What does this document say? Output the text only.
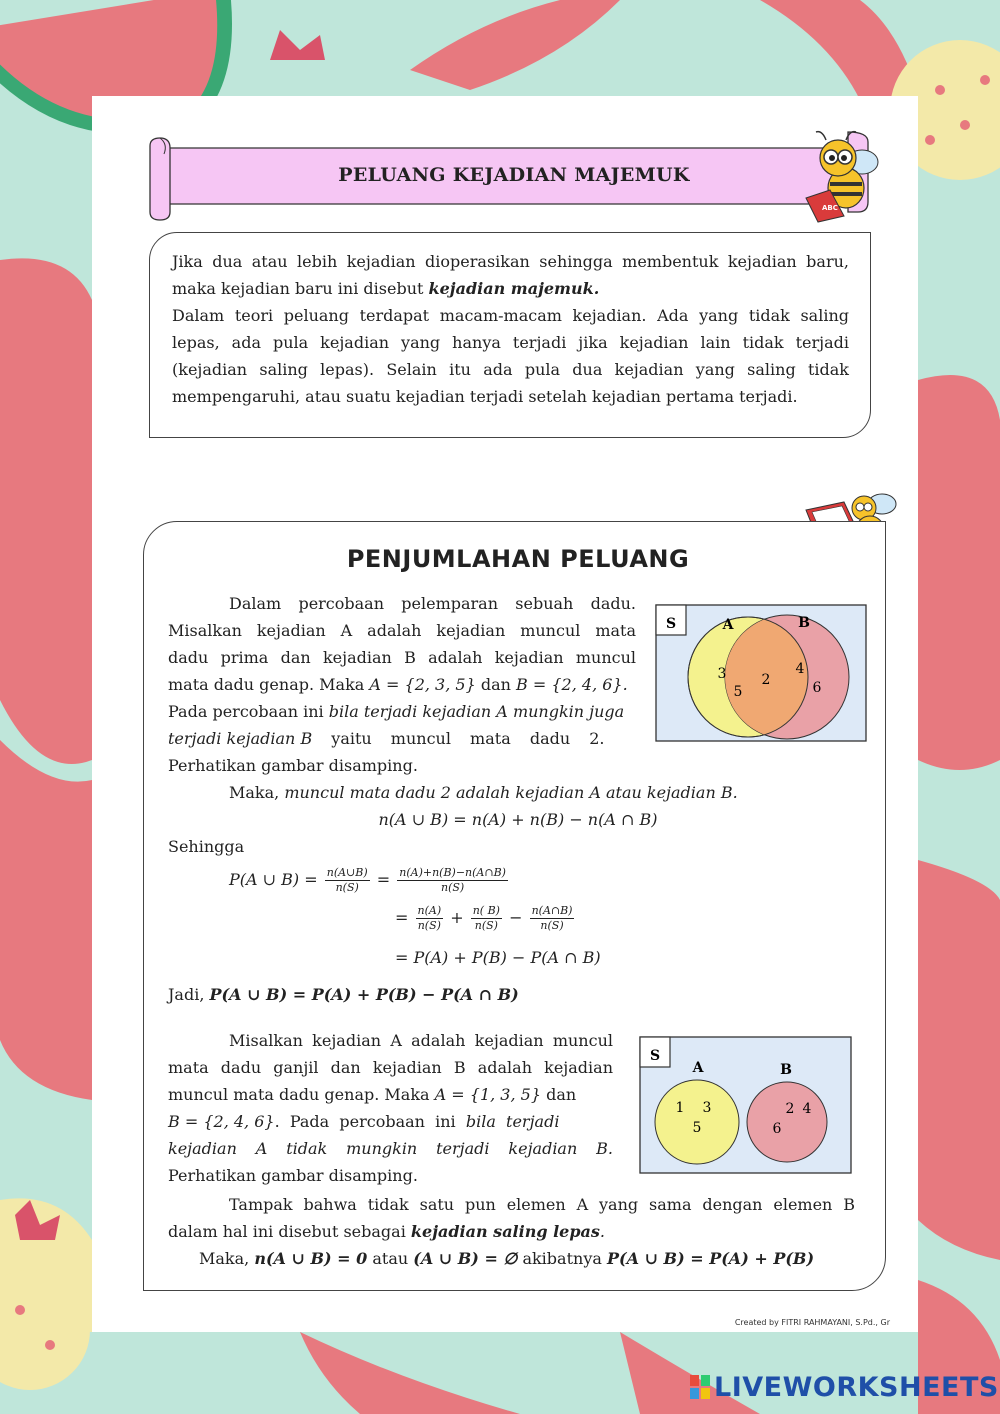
PELUANG KEJADIAN MAJEMUK
ABC
Jika dua atau lebih kejadian dioperasikan sehingga membentuk kejadian baru,
maka kejadian baru ini disebut kejadian majemuk.
Dalam teori peluang terdapat macam-macam kejadian. Ada yang tidak saling
lepas, ada pula kejadian yang hanya terjadi jika kejadian lain tidak terjadi
(kejadian saling lepas). Selain itu ada pula dua kejadian yang saling tidak
mempengaruhi, atau suatu kejadian terjadi setelah kejadian pertama terjadi.
PENJUMLAHAN PELUANG
Dalam percobaan pelemparan sebuah dadu.
Misalkan kejadian A adalah kejadian muncul mata
dadu prima dan kejadian B adalah kejadian muncul
mata dadu genap. Maka A = {2, 3, 5} dan B = {2, 4, 6}.
Pada percobaan ini bila terjadi kejadian A mungkin juga
terjadi kejadian B yaitu muncul mata dadu 2.
Perhatikan gambar disamping.
S	A	B
3
5
2
4
6
Maka, muncul mata dadu 2 adalah kejadian A atau kejadian B.
n(A ∪ B) = n(A) + n(B) − n(A ∩ B)
Sehingga
P(A ∪ $B) = \frac{n(A\cup B)}{n(S)} = \frac{n(A)+n(B)-n(A\cap B)}{n(S)}$
= $\frac{n(A)}{n(S)} + \frac{n( B)}{n(S)} - \frac{n(A\cap B)}{n(S)}$
= P(A) + P(B) − P(A ∩ B)
Jadi, P(A ∪ B) = P(A) + P(B) − P(A ∩ B)
Misalkan kejadian A adalah kejadian muncul
mata dadu ganjil dan kejadian B adalah kejadian
muncul mata dadu genap. Maka A = {1, 3, 5} dan
B = {2, 4, 6}.  Pada  percobaan  ini  bila  terjadi
kejadian A tidak mungkin terjadi kejadian B.
Perhatikan gambar disamping.
S
A	B
1 3
5
2 4
6
Tampak bahwa tidak satu pun elemen A yang sama dengan elemen B
dalam hal ini disebut sebagai kejadian saling lepas.
Maka, n(A ∪ B) = 0 atau (A ∪ B) = ∅ akibatnya P(A ∪ B) = P(A) + P(B)
Created by FITRI RAHMAYANI, S.Pd., Gr
LIVEWORKSHEETS
